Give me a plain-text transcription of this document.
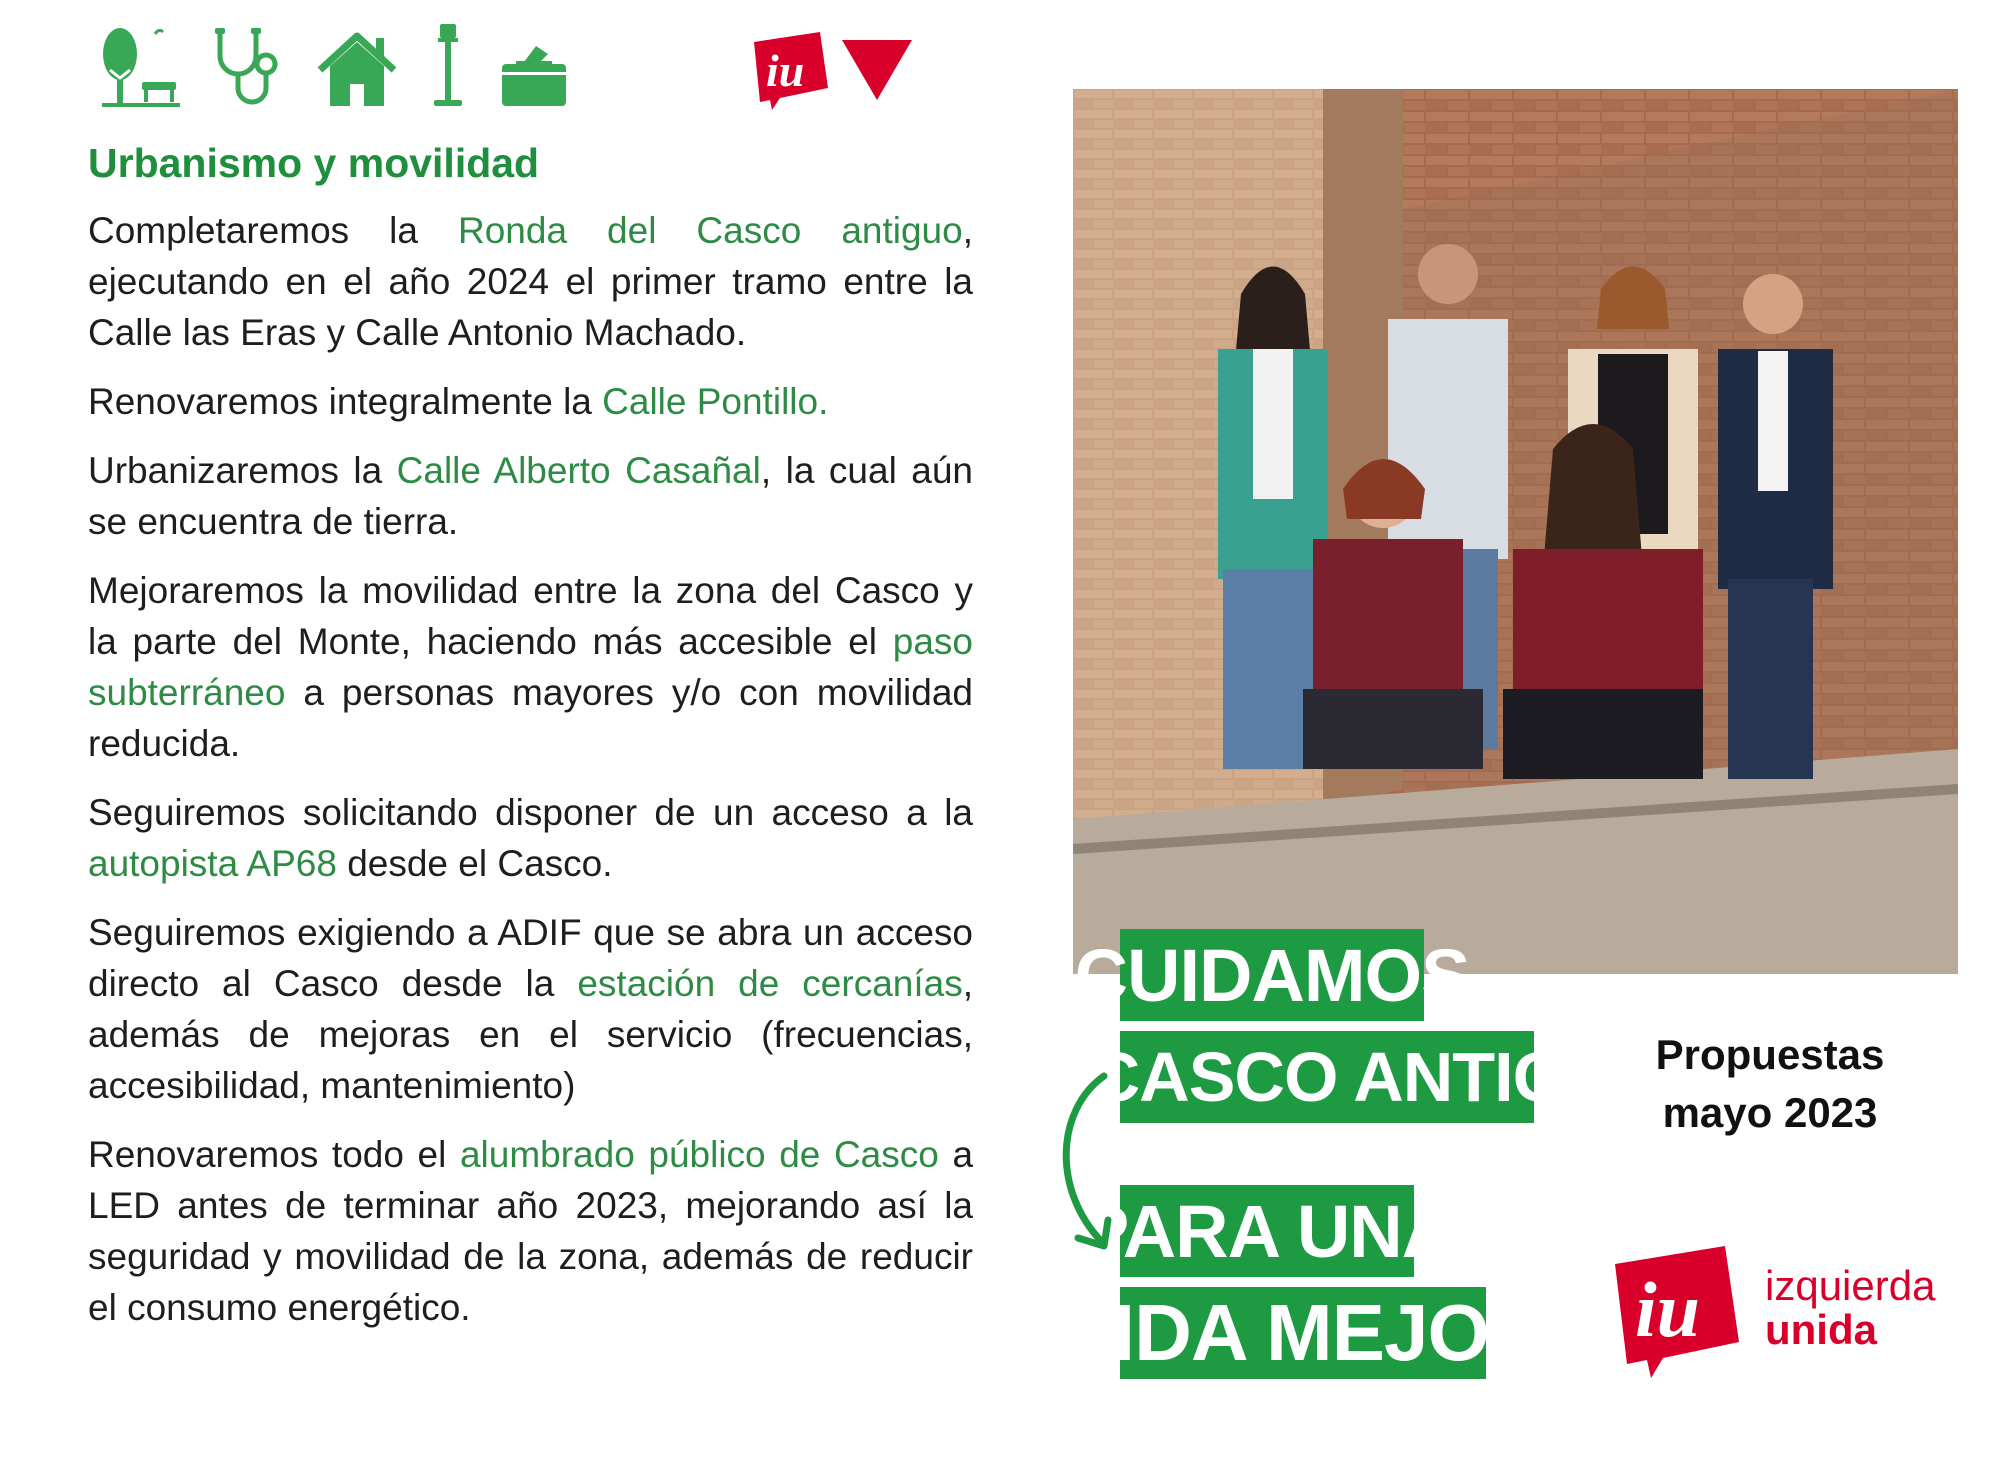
iu
Urbanismo y movilidad

Completaremos la Ronda del Casco antiguo, ejecutando en el año 2024 el primer tramo entre la Calle las Eras y Calle Antonio Machado.

Renovaremos integralmente la Calle Pontillo.

Urbanizaremos la Calle Alberto Casañal, la cual aún se encuentra de tierra.

Mejoraremos la movilidad entre la zona del Casco y la parte del Monte, haciendo más accesible el paso subterráneo a personas mayores y/o con movilidad reducida.

Seguiremos solicitando disponer de un acceso a la autopista AP68 desde el Casco.

Seguiremos exigiendo a ADIF que se abra un acceso directo al Casco desde la estación de cercanías, además de mejoras en el servicio (frecuencias, accesibilidad, mantenimiento)

Renovaremos todo el alumbrado público de Casco a LED antes de terminar año 2023, mejorando así la seguridad y movilidad de la zona, además de reducir el consumo energético.

CUIDAMOS
EL CASCO ANTIGUO
PARA UNA
VIDA MEJOR
Propuestas
mayo 2023
iu izquierda
unida
